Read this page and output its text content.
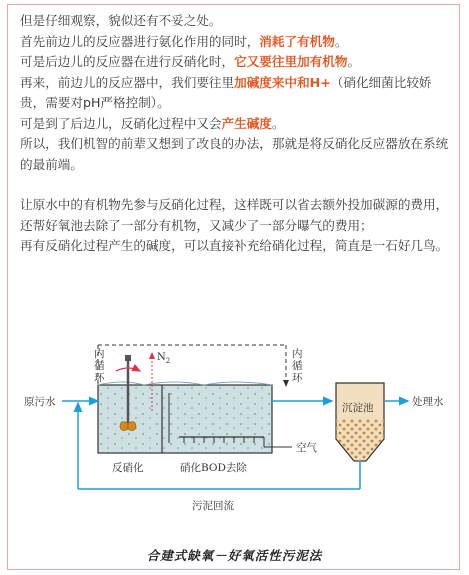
但是仔细观察，貌似还有不妥之处。

首先前边儿的反应器进行氨化作用的同时，消耗了有机物。

可是后边儿的反应器在进行反硝化时，它又要往里加有机物。

再来，前边儿的反应器中，我们要往里加碱度来中和H+（硝化细菌比较娇贵，需要对pH严格控制）。

可是到了后边儿，反硝化过程中又会产生碱度。

所以，我们机智的前辈又想到了改良的办法，那就是将反硝化反应器放在系统的最前端。

让原水中的有机物先参与反硝化过程，这样既可以省去额外投加碳源的费用，还帮好氧池去除了一部分有机物，又减少了一部分曝气的费用；

再有反硝化过程产生的碱度，可以直接补充给硝化过程，简直是一石好几鸟。

内
循
环
内
循
环
$N_2$
空气
原污水	沉淀池	处理水
污泥回流
反硝化	硝化BOD去除
合建式缺氧－好氧活性污泥法
